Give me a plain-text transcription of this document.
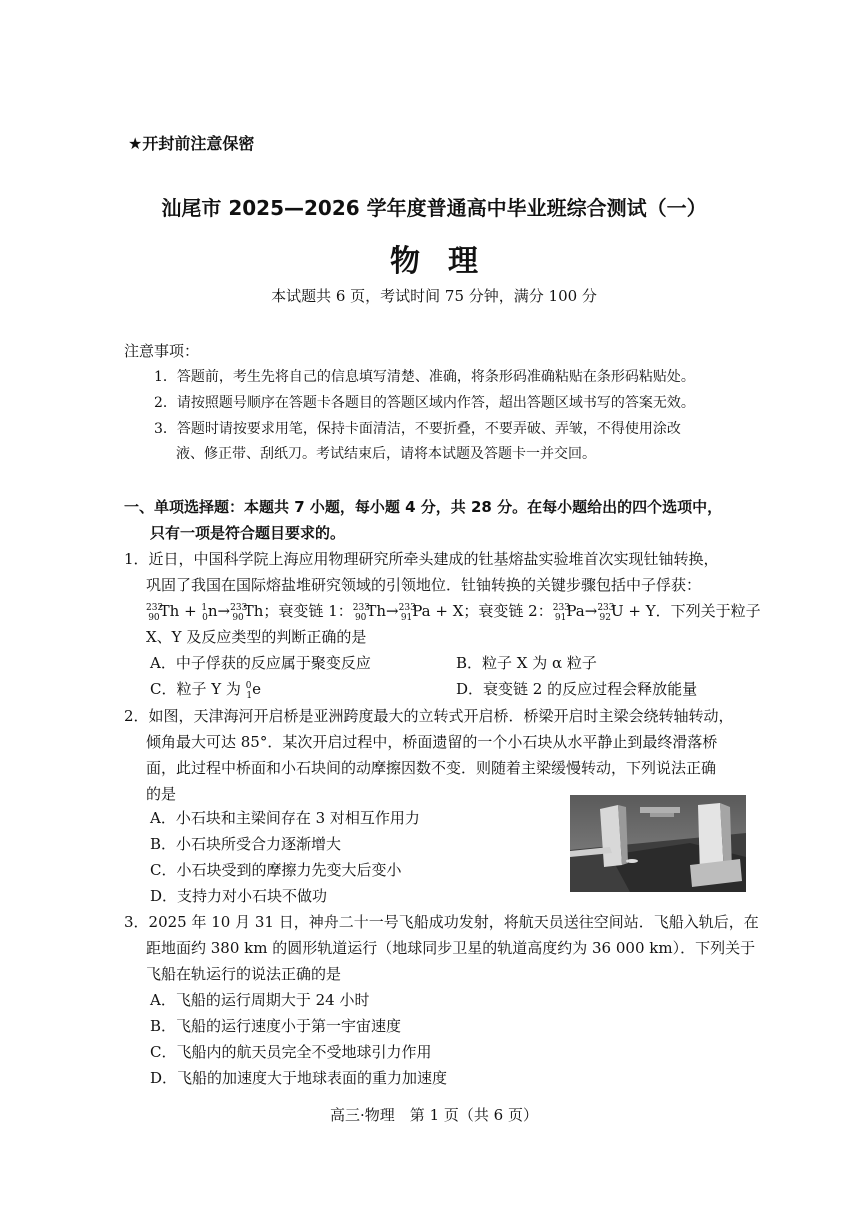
★开封前注意保密
汕尾市 2025—2026 学年度普通高中毕业班综合测试（一）
物理
本试题共 6 页，考试时间 75 分钟，满分 100 分
注意事项：
1．答题前，考生先将自己的信息填写清楚、准确，将条形码准确粘贴在条形码粘贴处。
2．请按照题号顺序在答题卡各题目的答题区域内作答，超出答题区域书写的答案无效。
3．答题时请按要求用笔，保持卡面清洁，不要折叠，不要弄破、弄皱，不得使用涂改
液、修正带、刮纸刀。考试结束后，请将本试题及答题卡一并交回。
一、单项选择题：本题共 7 小题，每小题 4 分，共 28 分。在每小题给出的四个选项中，
只有一项是符合题目要求的。
1．近日，中国科学院上海应用物理研究所牵头建成的钍基熔盐实验堆首次实现钍铀转换，
巩固了我国在国际熔盐堆研究领域的引领地位．钍铀转换的关键步骤包括中子俘获：
$^{232}_{90}$Th + $^1_0$n→$^{233}_{90}$Th；衰变链 1：$^{233}_{90}$Th→$^{233}_{91}$Pa + X；衰变链 2：$^{233}_{91}$Pa→$^{233}_{92}$U + Y．下列关于粒子
X、Y 及反应类型的判断正确的是
A．中子俘获的反应属于聚变反应	B．粒子 X 为 α 粒子
C．粒子 Y 为 $^0_1$e	D．衰变链 2 的反应过程会释放能量
2．如图，天津海河开启桥是亚洲跨度最大的立转式开启桥．桥梁开启时主梁会绕转轴转动，
倾角最大可达 85°．某次开启过程中，桥面遗留的一个小石块从水平静止到最终滑落桥
面，此过程中桥面和小石块间的动摩擦因数不变．则随着主梁缓慢转动，下列说法正确
的是
A．小石块和主梁间存在 3 对相互作用力
B．小石块所受合力逐渐增大
C．小石块受到的摩擦力先变大后变小
D．支持力对小石块不做功
3．2025 年 10 月 31 日，神舟二十一号飞船成功发射，将航天员送往空间站．飞船入轨后，在
距地面约 380 km 的圆形轨道运行（地球同步卫星的轨道高度约为 36 000 km）．下列关于
飞船在轨运行的说法正确的是
A．飞船的运行周期大于 24 小时
B．飞船的运行速度小于第一宇宙速度
C．飞船内的航天员完全不受地球引力作用
D．飞船的加速度大于地球表面的重力加速度
高三·物理　第 1 页（共 6 页）
